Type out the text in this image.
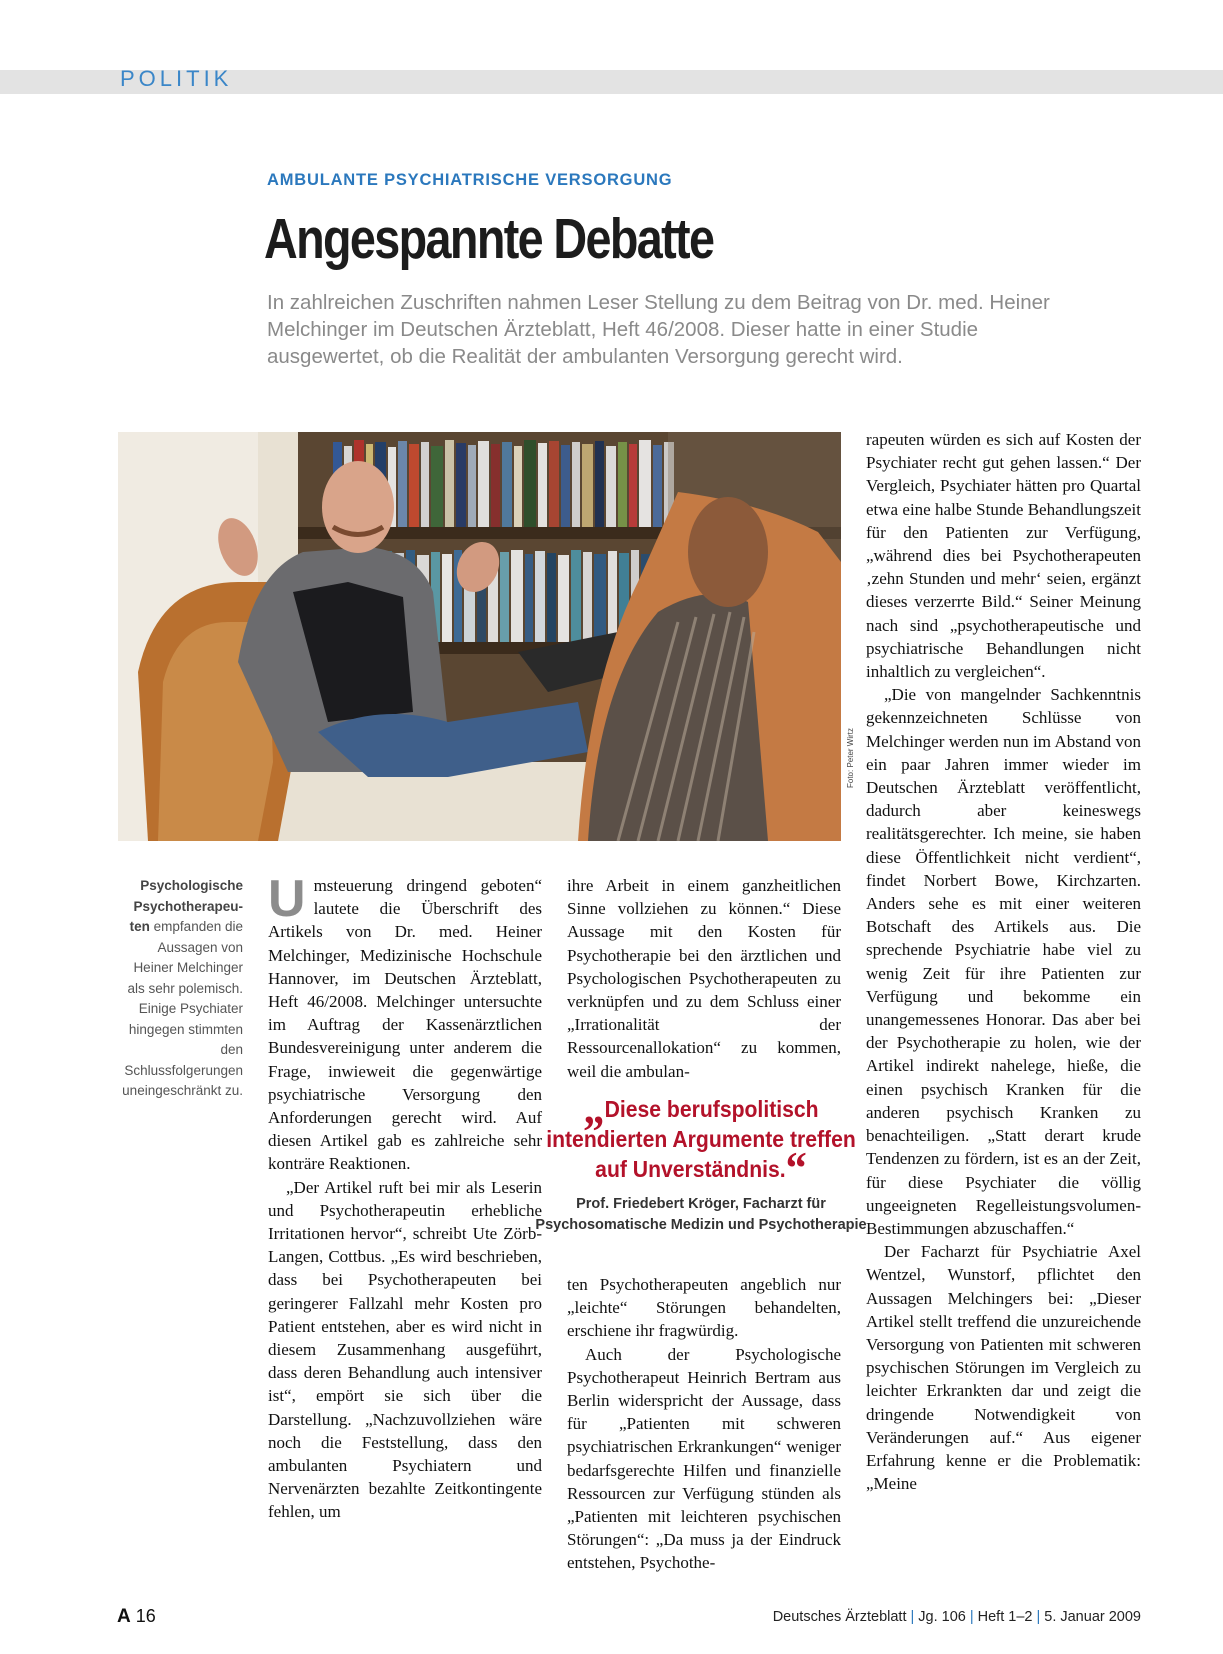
POLITIK
AMBULANTE PSYCHIATRISCHE VERSORGUNG
Angespannte Debatte
In zahlreichen Zuschriften nahmen Leser Stellung zu dem Beitrag von Dr. med. Heiner Melchinger im Deutschen Ärzteblatt, Heft 46/2008. Dieser hatte in einer Studie ausgewertet, ob die Realität der ambulanten Versorgung gerecht wird.
Foto: Peter Wirtz
Psychologische Psychotherapeu-ten empfanden die Aussagen von Heiner Melchinger als sehr polemisch. Einige Psychiater hingegen stimmten den Schlussfolgerungen uneingeschränkt zu.

Umsteuerung dringend geboten“ lautete die Überschrift des Artikels von Dr. med. Heiner Melchinger, Medizinische Hochschule Hannover, im Deutschen Ärzteblatt, Heft 46/2008. Melchinger untersuchte im Auftrag der Kassenärztlichen Bundesvereinigung unter anderem die Frage, inwieweit die gegenwärtige psychiatrische Versorgung den Anforderungen gerecht wird. Auf diesen Artikel gab es zahlreiche sehr konträre Reaktionen.

„Der Artikel ruft bei mir als Leserin und Psychotherapeutin erhebliche Irritationen hervor“, schreibt Ute Zörb-Langen, Cottbus. „Es wird beschrieben, dass bei Psychotherapeuten bei geringerer Fallzahl mehr Kosten pro Patient entstehen, aber es wird nicht in diesem Zusammenhang ausgeführt, dass deren Behandlung auch intensiver ist“, empört sie sich über die Darstellung. „Nachzuvollziehen wäre noch die Feststellung, dass den ambulanten Psychiatern und Nervenärzten bezahlte Zeitkontingente fehlen, um

ihre Arbeit in einem ganzheitlichen Sinne vollziehen zu können.“ Diese Aussage mit den Kosten für Psychotherapie bei den ärztlichen und Psychologischen Psychotherapeuten zu verknüpfen und zu dem Schluss einer „Irrationalität der Ressourcenallokation“ zu kommen, weil die ambulan-

„Diese berufspolitisch intendierten Argumente treffen auf Unverständnis.“
Prof. Friedebert Kröger, Facharzt für Psychosomatische Medizin und Psychotherapie

ten Psychotherapeuten angeblich nur „leichte“ Störungen behandelten, erschiene ihr fragwürdig.

Auch der Psychologische Psychotherapeut Heinrich Bertram aus Berlin widerspricht der Aussage, dass für „Patienten mit schweren psychiatrischen Erkrankungen“ weniger bedarfsgerechte Hilfen und finanzielle Ressourcen zur Verfügung stünden als „Patienten mit leichteren psychischen Störungen“: „Da muss ja der Eindruck entstehen, Psychothe-

rapeuten würden es sich auf Kosten der Psychiater recht gut gehen lassen.“ Der Vergleich, Psychiater hätten pro Quartal etwa eine halbe Stunde Behandlungszeit für den Patienten zur Verfügung, „während dies bei Psychotherapeuten ‚zehn Stunden und mehr‘ seien, ergänzt dieses verzerrte Bild.“ Seiner Meinung nach sind „psychotherapeutische und psychiatrische Behandlungen nicht inhaltlich zu vergleichen“.

„Die von mangelnder Sachkenntnis gekennzeichneten Schlüsse von Melchinger werden nun im Abstand von ein paar Jahren immer wieder im Deutschen Ärzteblatt veröffentlicht, dadurch aber keineswegs realitätsgerechter. Ich meine, sie haben diese Öffentlichkeit nicht verdient“, findet Norbert Bowe, Kirchzarten. Anders sehe es mit einer weiteren Botschaft des Artikels aus. Die sprechende Psychiatrie habe viel zu wenig Zeit für ihre Patienten zur Verfügung und bekomme ein unangemessenes Honorar. Das aber bei der Psychotherapie zu holen, wie der Artikel indirekt nahelege, hieße, die einen psychisch Kranken für die anderen psychisch Kranken zu benachteiligen. „Statt derart krude Tendenzen zu fördern, ist es an der Zeit, für diese Psychiater die völlig ungeeigneten Regelleistungsvolumen-Bestimmungen abzuschaffen.“

Der Facharzt für Psychiatrie Axel Wentzel, Wunstorf, pflichtet den Aussagen Melchingers bei: „Dieser Artikel stellt treffend die unzureichende Versorgung von Patienten mit schweren psychischen Störungen im Vergleich zu leichter Erkrankten dar und zeigt die dringende Notwendigkeit von Veränderungen auf.“ Aus eigener Erfahrung kenne er die Problematik: „Meine

A 16	Deutsches Ärzteblatt | Jg. 106 | Heft 1–2 | 5. Januar 2009
